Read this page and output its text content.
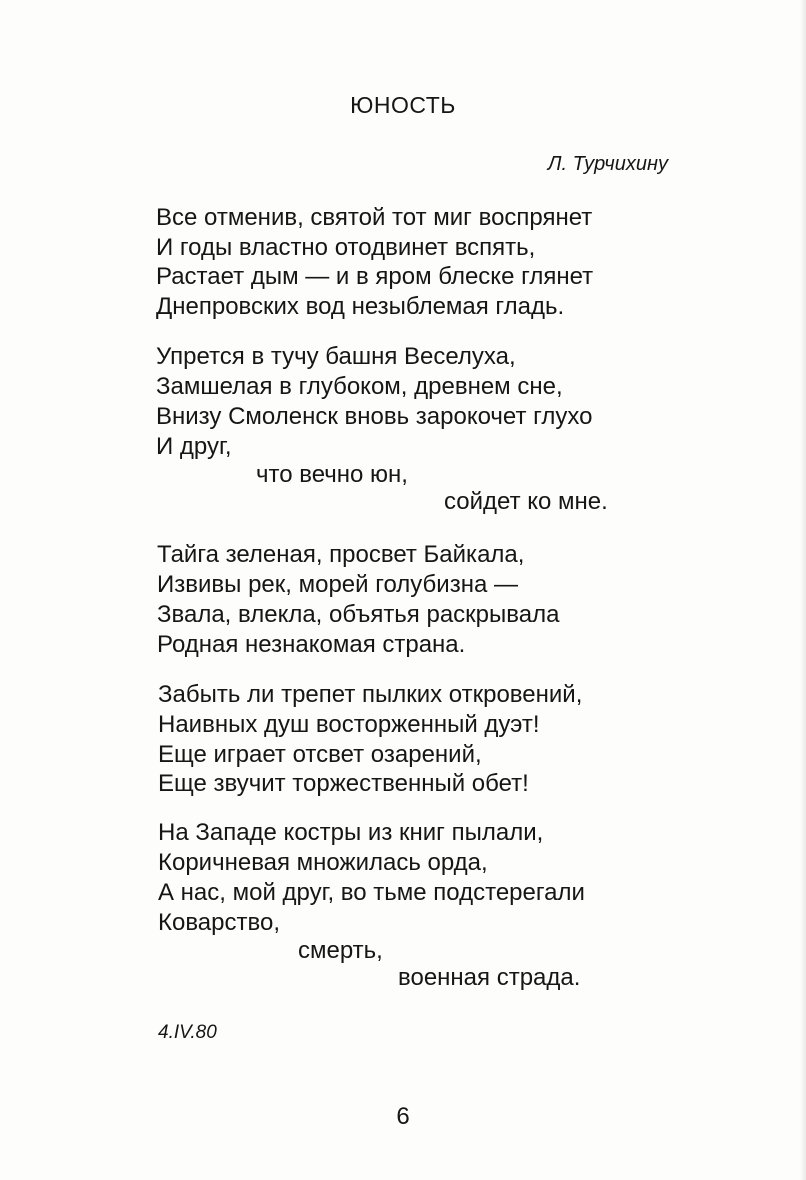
ЮНОСТЬ
Л. Турчихину
Все отменив, святой тот миг воспрянет
И годы властно отодвинет вспять,
Растает дым — и в яром блеске глянет
Днепровских вод незыблемая гладь.
Упрется в тучу башня Веселуха,
Замшелая в глубоком, древнем сне,
Внизу Смоленск вновь зарокочет глухо
И друг,
что вечно юн,
сойдет ко мне.
Тайга зеленая, просвет Байкала,
Извивы рек, морей голубизна —
Звала, влекла, объятья раскрывала
Родная незнакомая страна.
Забыть ли трепет пылких откровений,
Наивных душ восторженный дуэт!
Еще играет отсвет озарений,
Еще звучит торжественный обет!
На Западе костры из книг пылали,
Коричневая множилась орда,
А нас, мой друг, во тьме подстерегали
Коварство,
смерть,
военная страда.
4.IV.80
6
